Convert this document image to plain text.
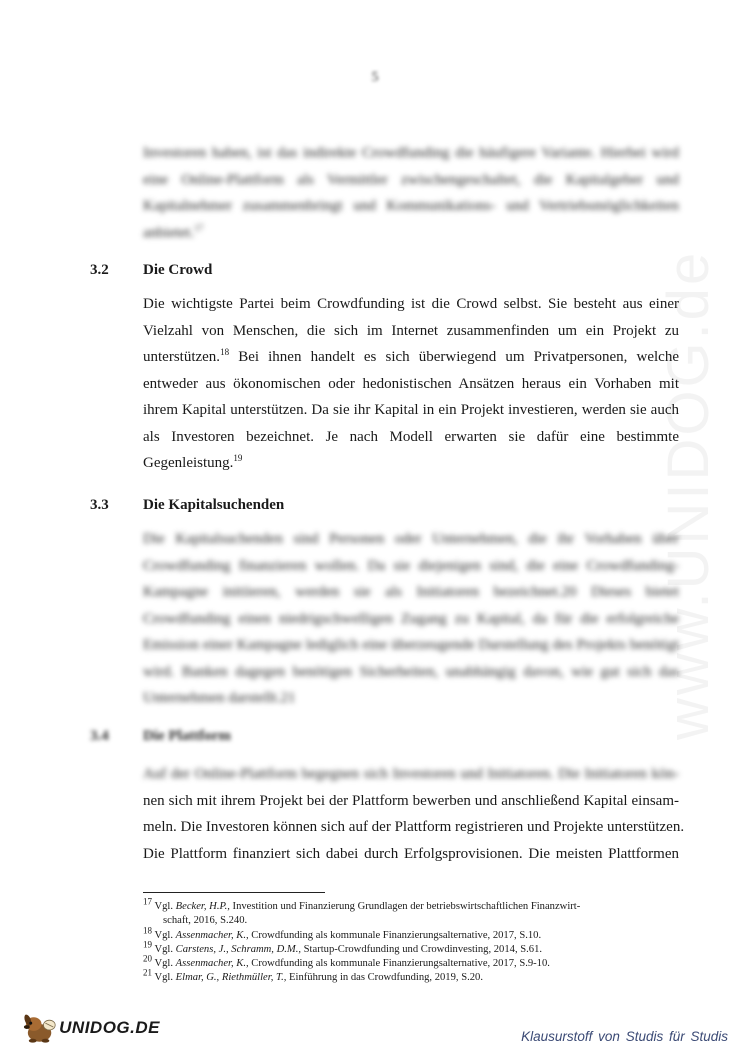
www.UNIDOG.de
5

Investoren haben, ist das indirekte Crowdfunding die häufigere Variante. Hierbei wird eine Online-Plattform als Vermittler zwischengeschaltet, die Kapitalgeber und Kapitalnehmer zusammenbringt und Kommunikations- und Vertriebsmöglichkeiten anbietet.$^{17}$

3.2 Die Crowd
Die wichtigste Partei beim Crowdfunding ist die Crowd selbst. Sie besteht aus einer
Vielzahl von Menschen, die sich im Internet zusammenfinden um ein Projekt zu
unterstützen.$^{18}$ Bei ihnen handelt es sich überwiegend um Privatpersonen, welche
entweder aus ökonomischen oder hedonistischen Ansätzen heraus ein Vorhaben mit
ihrem Kapital unterstützen. Da sie ihr Kapital in ein Projekt investieren, werden sie auch
als Investoren bezeichnet. Je nach Modell erwarten sie dafür eine bestimmte
Gegenleistung.$^{19}$
3.3 Die Kapitalsuchenden

Die Kapitalsuchenden sind Personen oder Unternehmen, die ihr Vorhaben über Crowdfunding finanzieren wollen. Da sie diejenigen sind, die eine Crowdfunding-Kampagne initiieren, werden sie als Initiatoren bezeichnet.20 Dieses bietet Crowdfunding einen niedrigschwelligen Zugang zu Kapital, da für die erfolgreiche Emission einer Kampagne lediglich eine überzeugende Darstellung des Projekts benötigt wird. Banken dagegen benötigen Sicherheiten, unabhängig davon, wie gut sich das Unternehmen darstellt.21

3.4 Die Plattform
Auf der Online-Plattform begegnen sich Investoren und Initiatoren. Die Initiatoren kön-
nen sich mit ihrem Projekt bei der Plattform bewerben und anschließend Kapital einsam-
meln. Die Investoren können sich auf der Plattform registrieren und Projekte unterstützen.
Die Plattform finanziert sich dabei durch Erfolgsprovisionen. Die meisten Plattformen
$^{17}$ Vgl. Becker, H.P., Investition und Finanzierung Grundlagen der betriebswirtschaftlichen Finanzwirt-
schaft, 2016, S.240.
$^{18}$ Vgl. Assenmacher, K., Crowdfunding als kommunale Finanzierungsalternative, 2017, S.10.
$^{19}$ Vgl. Carstens, J., Schramm, D.M., Startup-Crowdfunding und Crowdinvesting, 2014, S.61.
$^{20}$ Vgl. Assenmacher, K., Crowdfunding als kommunale Finanzierungsalternative, 2017, S.9-10.
$^{21}$ Vgl. Elmar, G., Riethmüller, T., Einführung in das Crowdfunding, 2019, S.20.
UNIDOG.DE	Klausurstoff von Studis für Studis
